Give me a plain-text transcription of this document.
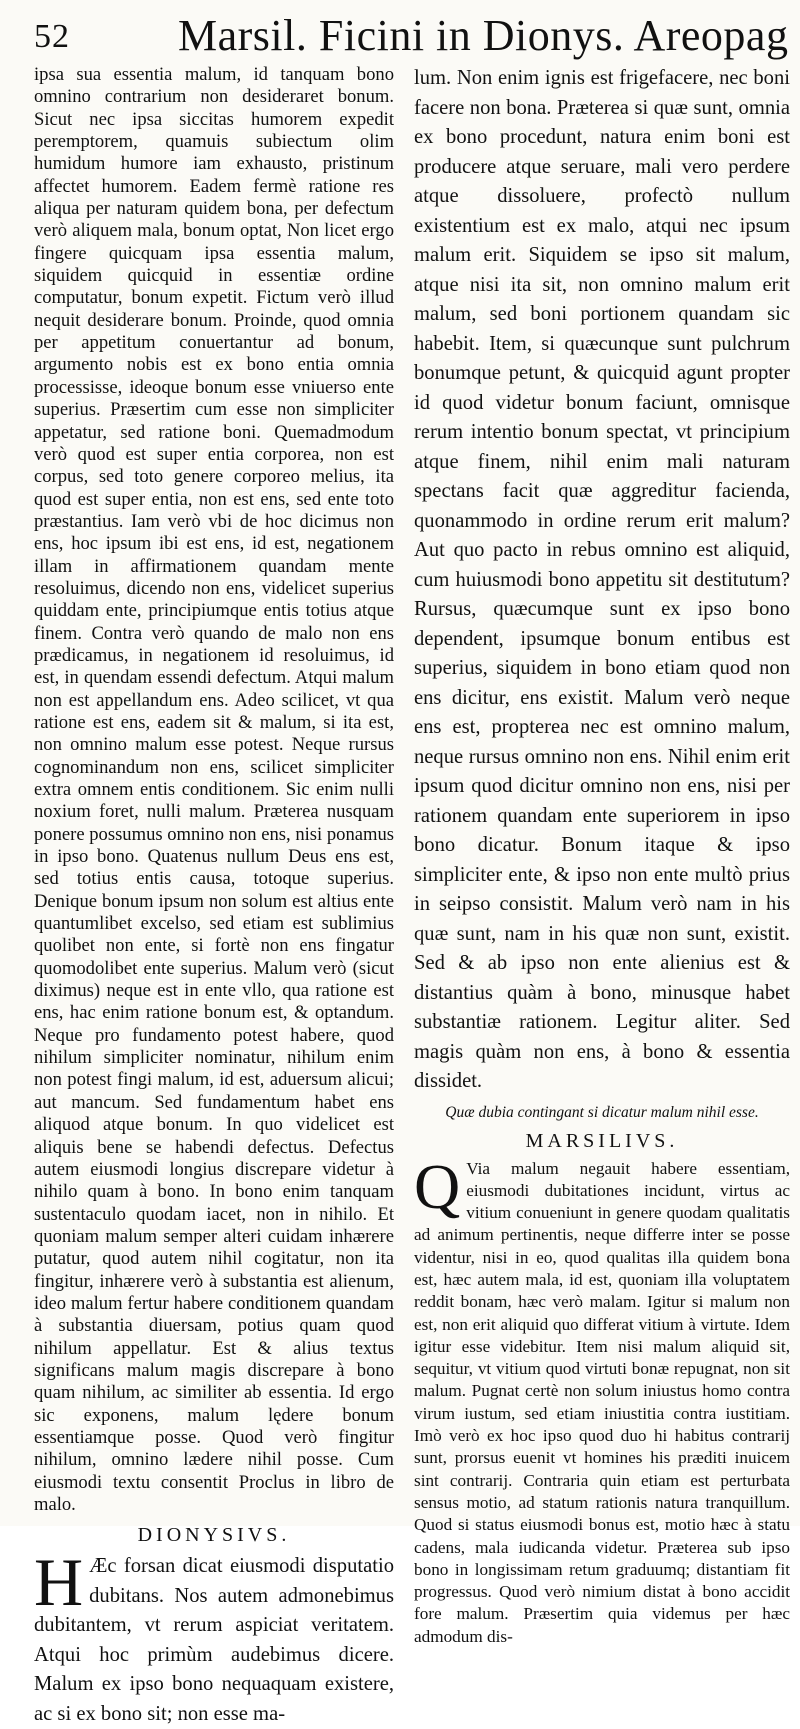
52 Marsil. Ficini in Dionys. Areopag

ipsa sua essentia malum, id tanquam bono omnino contrarium non desideraret bonum. Sicut nec ipsa siccitas humorem expedit peremptorem, quamuis subiectum olim humidum humore iam exhausto, pristinum affectet humorem. Eadem fermè ratione res aliqua per naturam quidem bona, per defectum verò aliquem mala, bonum optat, Non licet ergo fingere quicquam ipsa essentia malum, siquidem quicquid in essentiæ ordine computatur, bonum expetit. Fictum verò illud nequit desiderare bonum. Proinde, quod omnia per appetitum conuertantur ad bonum, argumento nobis est ex bono entia omnia processisse, ideoque bonum esse vniuerso ente superius. Præsertim cum esse non simpliciter appetatur, sed ratione boni. Quemadmodum verò quod est super entia corporea, non est corpus, sed toto genere corporeo melius, ita quod est super entia, non est ens, sed ente toto præstantius. Iam verò vbi de hoc dicimus non ens, hoc ipsum ibi est ens, id est, negationem illam in affirmationem quandam mente resoluimus, dicendo non ens, videlicet superius quiddam ente, principiumque entis totius atque finem. Contra verò quando de malo non ens prædicamus, in negationem id resoluimus, id est, in quendam essendi defectum. Atqui malum non est appellandum ens. Adeo scilicet, vt qua ratione est ens, eadem sit & malum, si ita est, non omnino malum esse potest. Neque rursus cognominandum non ens, scilicet simpliciter extra omnem entis conditionem. Sic enim nulli noxium foret, nulli malum. Præterea nusquam ponere possumus omnino non ens, nisi ponamus in ipso bono. Quatenus nullum Deus ens est, sed totius entis causa, totoque superius. Denique bonum ipsum non solum est altius ente quantumlibet excelso, sed etiam est sublimius quolibet non ente, si fortè non ens fingatur quomodolibet ente superius. Malum verò (sicut diximus) neque est in ente vllo, qua ratione est ens, hac enim ratione bonum est, & optandum. Neque pro fundamento potest habere, quod nihilum simpliciter nominatur, nihilum enim non potest fingi malum, id est, aduersum alicui; aut mancum. Sed fundamentum habet ens aliquod atque bonum. In quo videlicet est aliquis bene se habendi defectus. Defectus autem eiusmodi longius discrepare videtur à nihilo quam à bono. In bono enim tanquam sustentaculo quodam iacet, non in nihilo. Et quoniam malum semper alteri cuidam inhærere putatur, quod autem nihil cogitatur, non ita fingitur, inhærere verò à substantia est alienum, ideo malum fertur habere conditionem quandam à substantia diuersam, potius quam quod nihilum appellatur. Est & alius textus significans malum magis discrepare à bono quam nihilum, ac similiter ab essentia. Id ergo sic exponens, malum lędere bonum essentiamque posse. Quod verò fingitur nihilum, omnino lædere nihil posse. Cum eiusmodi textu consentit Proclus in libro de malo.

DIONYSIVS.

H Æc forsan dicat eiusmodi disputatio dubitans. Nos autem admonebimus dubitantem, vt rerum aspiciat veritatem. Atqui hoc primùm audebimus dicere. Malum ex ipso bono nequaquam existere, ac si ex bono sit; non esse ma-

lum. Non enim ignis est frigefacere, nec boni facere non bona. Præterea si quæ sunt, omnia ex bono procedunt, natura enim boni est producere atque seruare, mali vero perdere atque dissoluere, profectò nullum existentium est ex malo, atqui nec ipsum malum erit. Siquidem se ipso sit malum, atque nisi ita sit, non omnino malum erit malum, sed boni portionem quandam sic habebit. Item, si quæcunque sunt pulchrum bonumque petunt, & quicquid agunt propter id quod videtur bonum faciunt, omnisque rerum intentio bonum spectat, vt principium atque finem, nihil enim mali naturam spectans facit quæ aggreditur facienda, quonammodo in ordine rerum erit malum? Aut quo pacto in rebus omnino est aliquid, cum huiusmodi bono appetitu sit destitutum? Rursus, quæcumque sunt ex ipso bono dependent, ipsumque bonum entibus est superius, siquidem in bono etiam quod non ens dicitur, ens existit. Malum verò neque ens est, propterea nec est omnino malum, neque rursus omnino non ens. Nihil enim erit ipsum quod dicitur omnino non ens, nisi per rationem quandam ente superiorem in ipso bono dicatur. Bonum itaque & ipso simpliciter ente, & ipso non ente multò prius in seipso consistit. Malum verò nam in his quæ sunt, nam in his quæ non sunt, existit. Sed & ab ipso non ente alienius est & distantius quàm à bono, minusque habet substantiæ rationem. Legitur aliter. Sed magis quàm non ens, à bono & essentia dissidet.

Quæ dubia contingant si dicatur malum nihil esse.
MARSILIVS.

Q Via malum negauit habere essentiam, eiusmodi dubitationes incidunt, virtus ac vitium conueniunt in genere quodam qualitatis ad animum pertinentis, neque differre inter se posse videntur, nisi in eo, quod qualitas illa quidem bona est, hæc autem mala, id est, quoniam illa voluptatem reddit bonam, hæc verò malam. Igitur si malum non est, non erit aliquid quo differat vitium à virtute. Idem igitur esse videbitur. Item nisi malum aliquid sit, sequitur, vt vitium quod virtuti bonæ repugnat, non sit malum. Pugnat certè non solum iniustus homo contra virum iustum, sed etiam iniustitia contra iustitiam. Imò verò ex hoc ipso quod duo hi habitus contrarij sunt, prorsus euenit vt homines his præditi inuicem sint contrarij. Contraria quin etiam est perturbata sensus motio, ad statum rationis natura tranquillum. Quod si status eiusmodi bonus est, motio hæc à statu cadens, mala iudicanda videtur. Præterea sub ipso bono in longissimam retum graduumq; distantiam fit progressus. Quod verò nimium distat à bono accidit fore malum. Præsertim quia videmus per hæc admodum dis-
